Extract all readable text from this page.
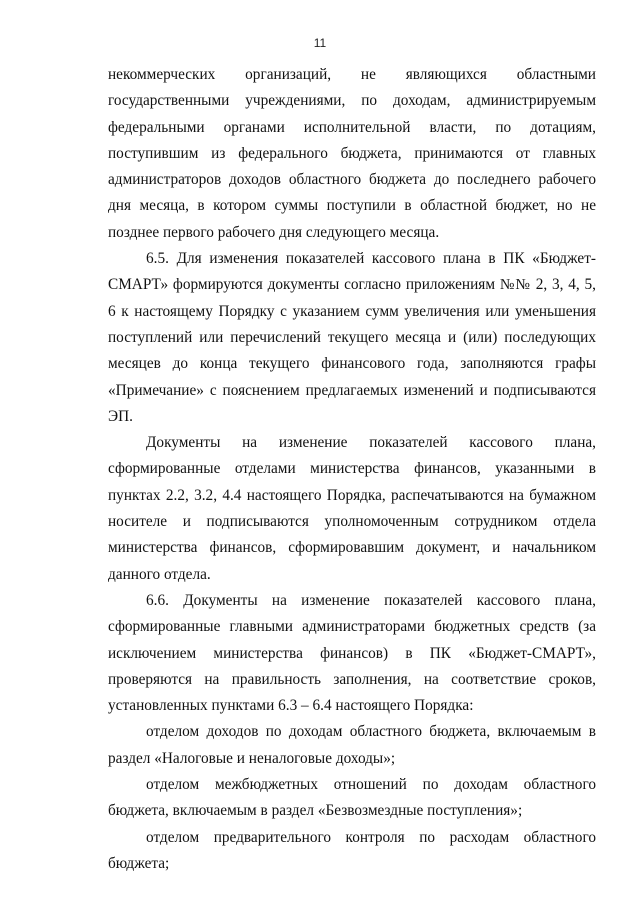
11

некоммерческих организаций, не являющихся областными государственными учреждениями, по доходам, администрируемым федеральными органами исполнительной власти, по дотациям, поступившим из федерального бюджета, принимаются от главных администраторов доходов областного бюджета до последнего рабочего дня месяца, в котором суммы поступили в областной бюджет, но не позднее первого рабочего дня следующего месяца.

6.5. Для изменения показателей кассового плана в ПК «Бюджет-СМАРТ» формируются документы согласно приложениям №№ 2, 3, 4, 5, 6 к настоящему Порядку с указанием сумм увеличения или уменьшения поступлений или перечислений текущего месяца и (или) последующих месяцев до конца текущего финансового года, заполняются графы «Примечание» с пояснением предлагаемых изменений и подписываются ЭП.

Документы на изменение показателей кассового плана, сформированные отделами министерства финансов, указанными в пунктах 2.2, 3.2, 4.4 настоящего Порядка, распечатываются на бумажном носителе и подписываются уполномоченным сотрудником отдела министерства финансов, сформировавшим документ, и начальником данного отдела.

6.6. Документы на изменение показателей кассового плана, сформированные главными администраторами бюджетных средств (за исключением министерства финансов) в ПК «Бюджет-СМАРТ», проверяются на правильность заполнения, на соответствие сроков, установленных пунктами 6.3 – 6.4 настоящего Порядка:

отделом доходов по доходам областного бюджета, включаемым в раздел «Налоговые и неналоговые доходы»;

отделом межбюджетных отношений по доходам областного бюджета, включаемым в раздел «Безвозмездные поступления»;

отделом предварительного контроля по расходам областного бюджета;
